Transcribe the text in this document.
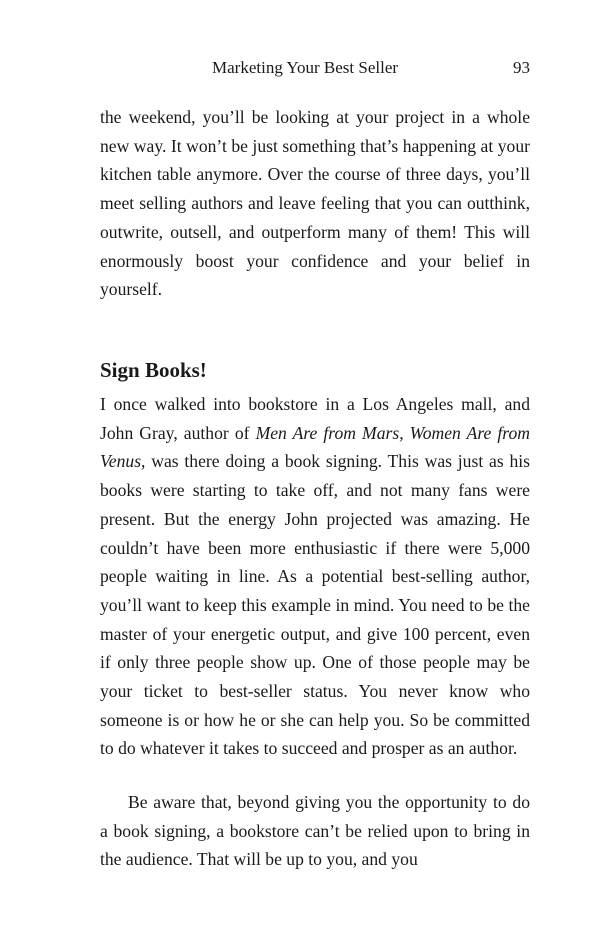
Marketing Your Best Seller	93

the weekend, you’ll be looking at your project in a whole new way. It won’t be just something that’s happening at your kitchen table anymore. Over the course of three days, you’ll meet selling authors and leave feeling that you can outthink, outwrite, outsell, and outperform many of them! This will enormously boost your confidence and your belief in yourself.

Sign Books!

I once walked into bookstore in a Los Angeles mall, and John Gray, author of Men Are from Mars, Women Are from Venus, was there doing a book signing. This was just as his books were starting to take off, and not many fans were present. But the energy John projected was amazing. He couldn’t have been more enthusiastic if there were 5,000 people waiting in line. As a potential best-selling author, you’ll want to keep this example in mind. You need to be the master of your energetic output, and give 100 percent, even if only three people show up. One of those people may be your ticket to best-seller status. You never know who someone is or how he or she can help you. So be committed to do whatever it takes to succeed and prosper as an author.

Be aware that, beyond giving you the opportunity to do a book signing, a bookstore can’t be relied upon to bring in the audience. That will be up to you, and you
